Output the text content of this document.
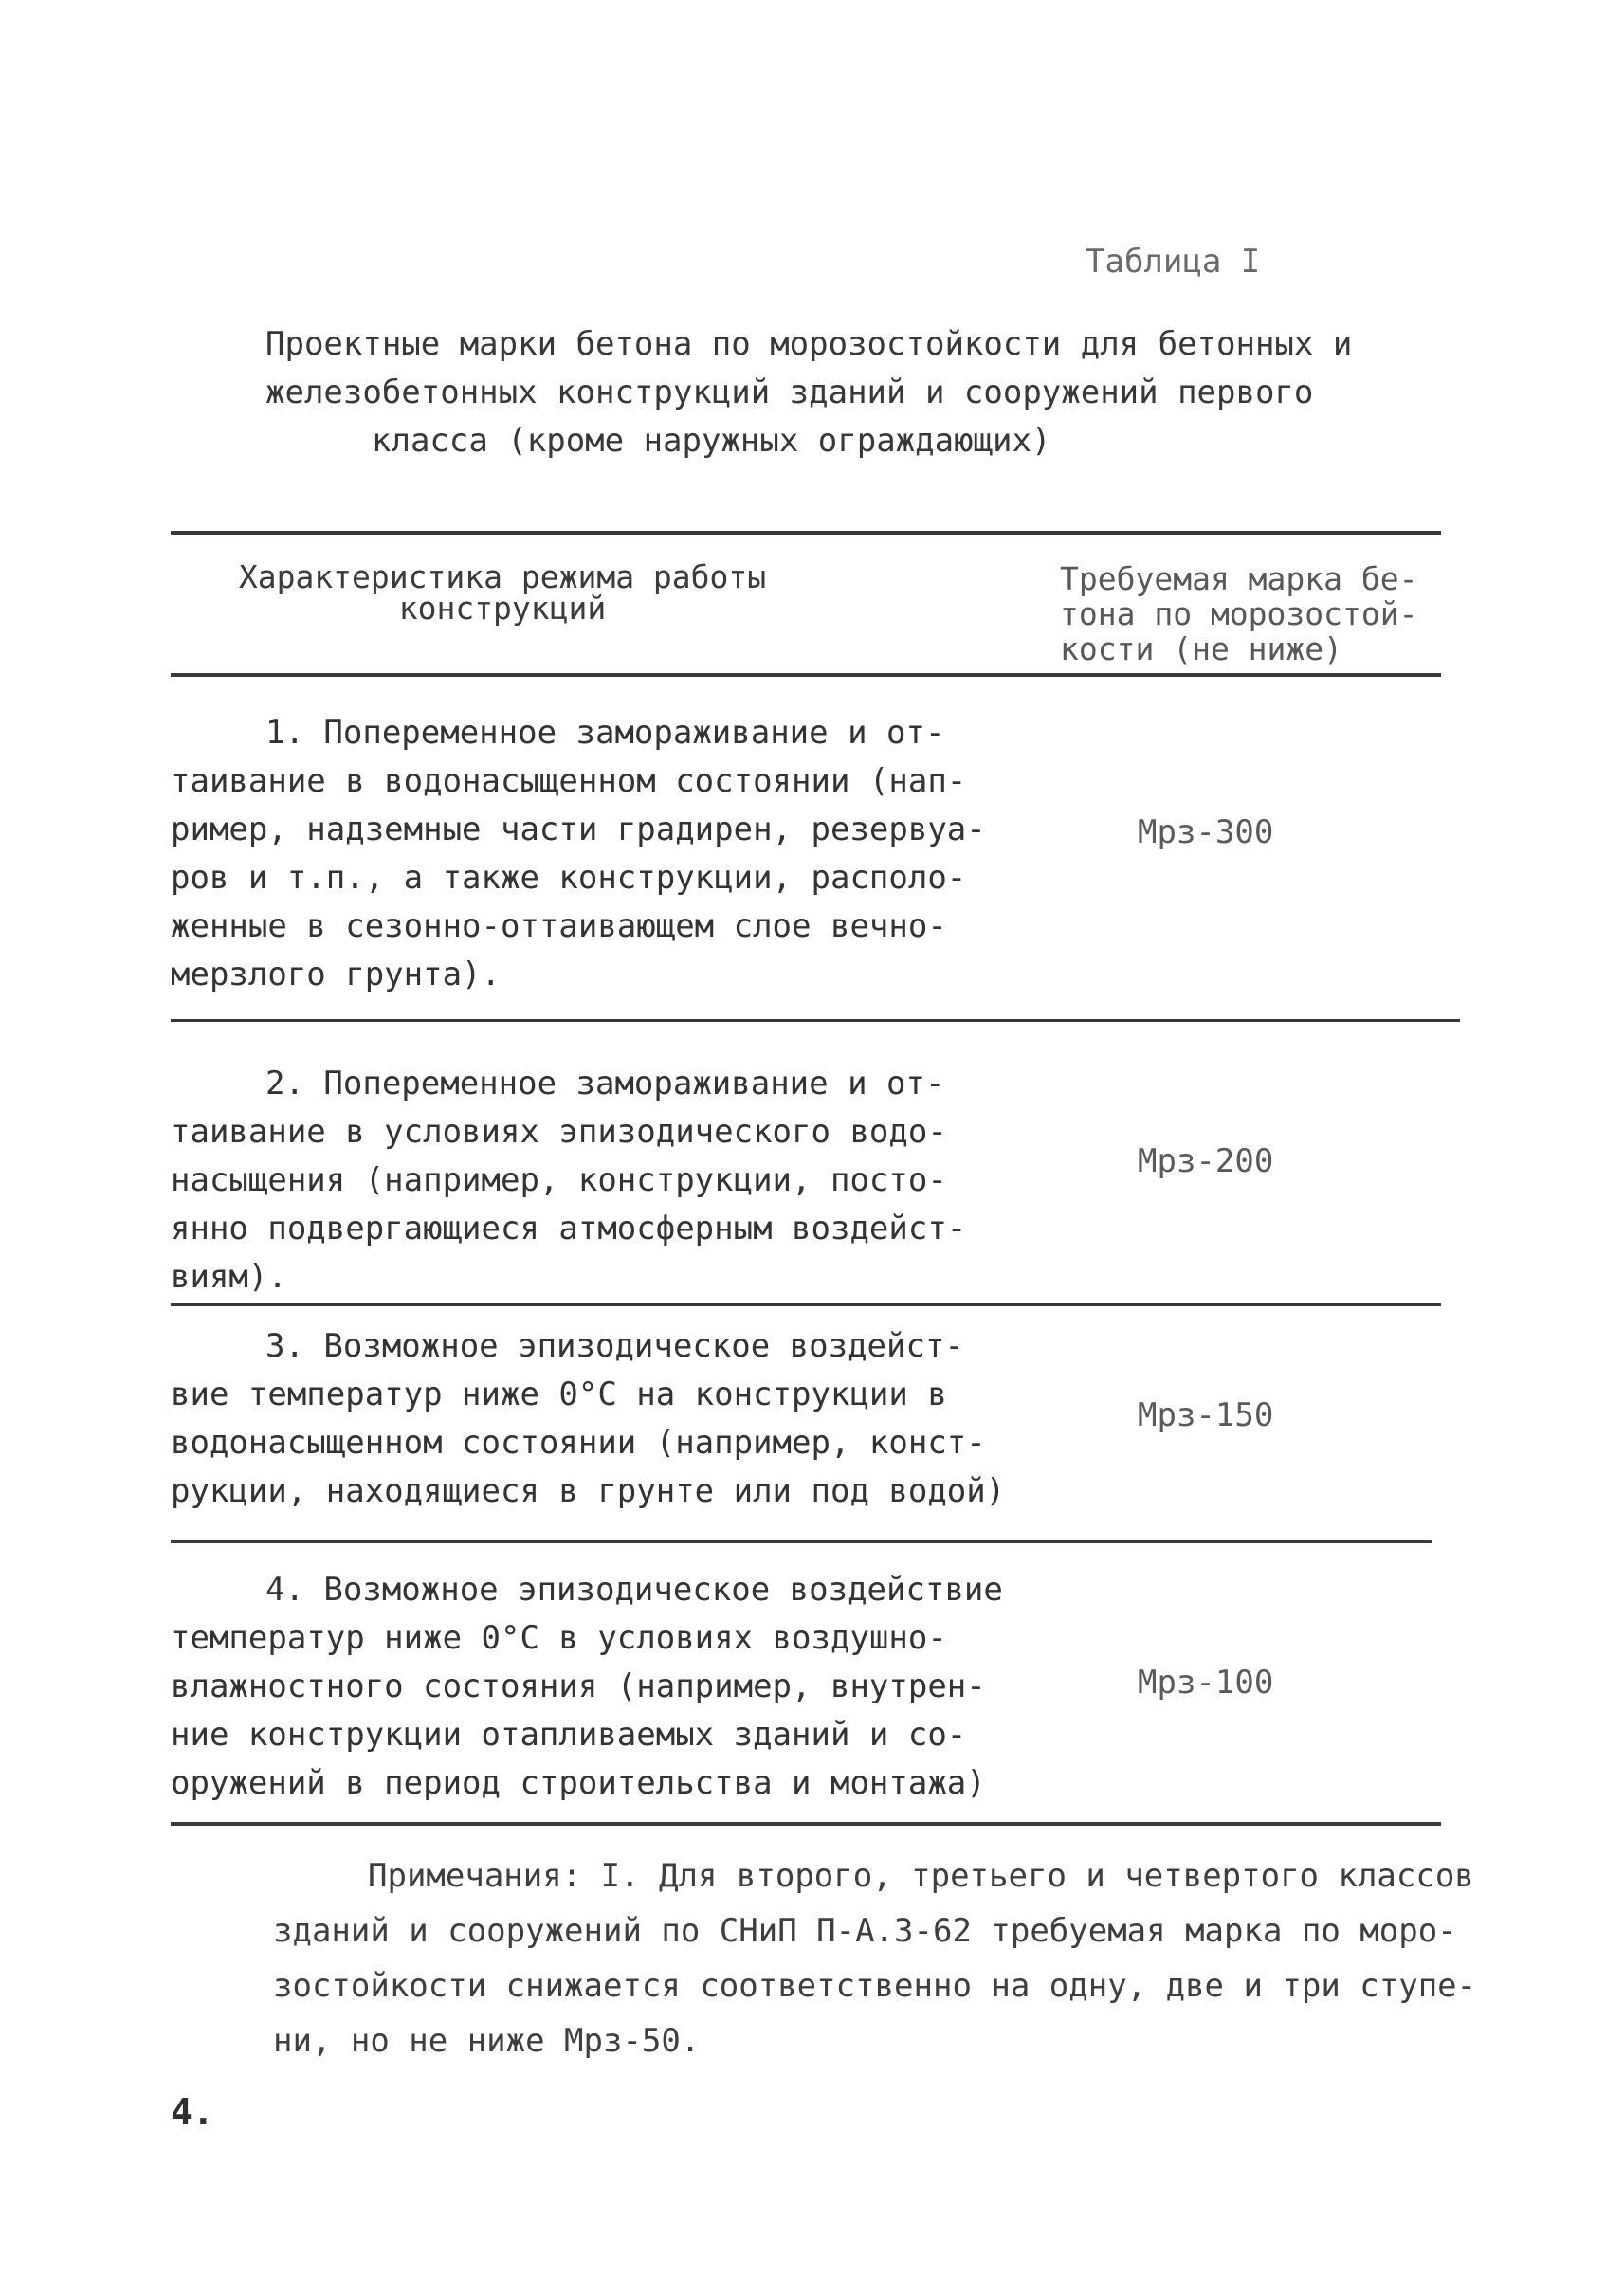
Таблица I
Проектные марки бетона по морозостойкости для бетонных и
железобетонных конструкций зданий и сооружений первого
класса (кроме наружных ограждающих)
Характеристика режима работы
конструкций
Требуемая марка бе-
тона по морозостой-
кости (не ниже)
1. Попеременное замораживание и от-
таивание в водонасыщенном состоянии (нап-
ример, надземные части градирен, резервуа-
ров и т.п., а также конструкции, располо-
женные в сезонно-оттаивающем слое вечно-
мерзлого грунта).
Мрз-300
2. Попеременное замораживание и от-
таивание в условиях эпизодического водо-
насыщения (например, конструкции, посто-
янно подвергающиеся атмосферным воздейст-
виям).
Мрз-200
3. Возможное эпизодическое воздейст-
вие температур ниже 0°С на конструкции в
водонасыщенном состоянии (например, конст-
рукции, находящиеся в грунте или под водой)
Мрз-150
4. Возможное эпизодическое воздействие
температур ниже 0°С в условиях воздушно-
влажностного состояния (например, внутрен-
ние конструкции отапливаемых зданий и со-
оружений в период строительства и монтажа)
Мрз-100
Примечания: I. Для второго, третьего и четвертого классов
зданий и сооружений по СНиП П-А.3-62 требуемая марка по моро-
зостойкости снижается соответственно на одну, две и три ступе-
ни, но не ниже Мрз-50.
4.
